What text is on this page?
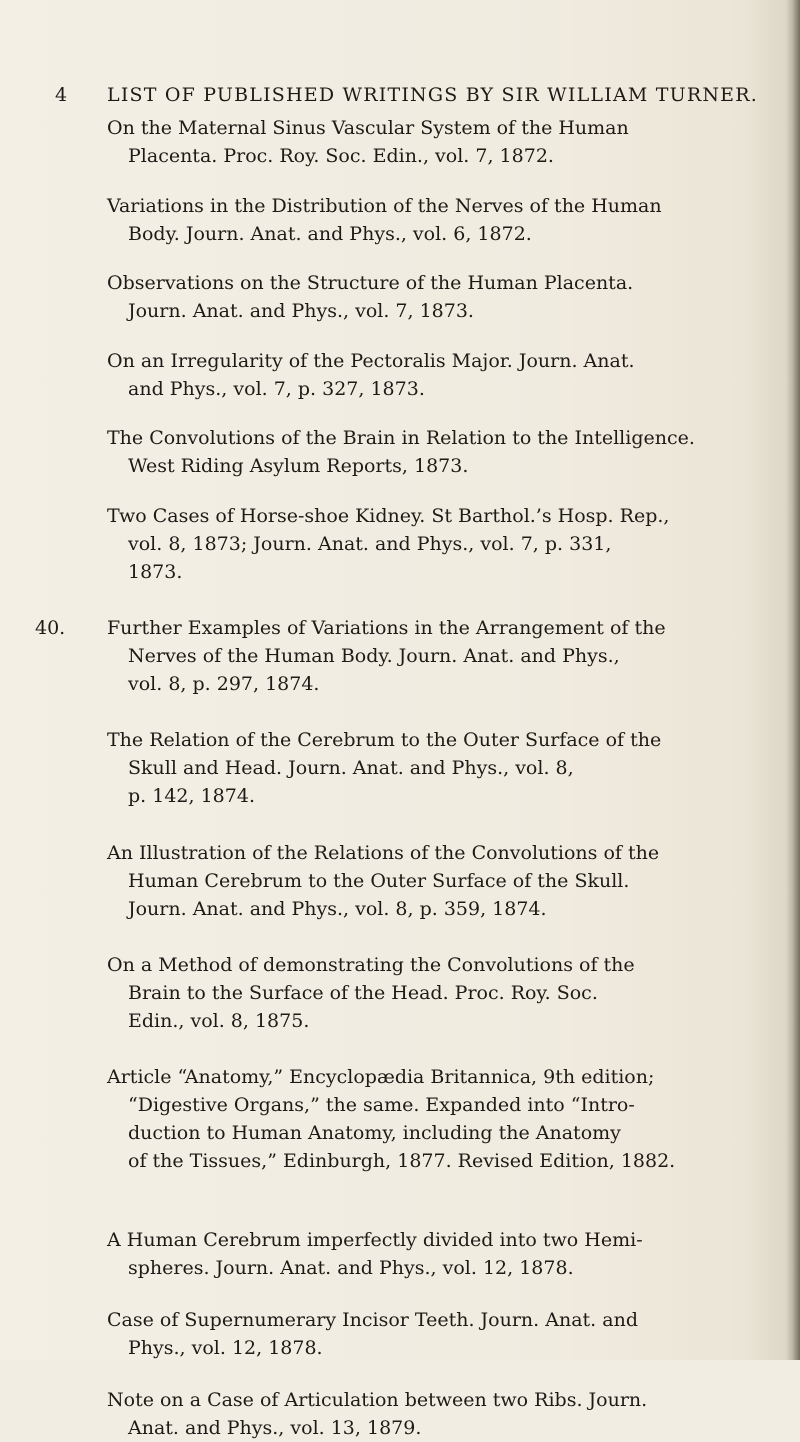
4 LIST OF PUBLISHED WRITINGS BY SIR WILLIAM TURNER.
On the Maternal Sinus Vascular System of the Human
Placenta. Proc. Roy. Soc. Edin., vol. 7, 1872.
Variations in the Distribution of the Nerves of the Human
Body. Journ. Anat. and Phys., vol. 6, 1872.
Observations on the Structure of the Human Placenta.
Journ. Anat. and Phys., vol. 7, 1873.
On an Irregularity of the Pectoralis Major. Journ. Anat.
and Phys., vol. 7, p. 327, 1873.
The Convolutions of the Brain in Relation to the Intelligence.
West Riding Asylum Reports, 1873.
Two Cases of Horse-shoe Kidney. St Barthol.’s Hosp. Rep.,
vol. 8, 1873; Journ. Anat. and Phys., vol. 7, p. 331,
1873.
40. Further Examples of Variations in the Arrangement of the
Nerves of the Human Body. Journ. Anat. and Phys.,
vol. 8, p. 297, 1874.
The Relation of the Cerebrum to the Outer Surface of the
Skull and Head. Journ. Anat. and Phys., vol. 8,
p. 142, 1874.
An Illustration of the Relations of the Convolutions of the
Human Cerebrum to the Outer Surface of the Skull.
Journ. Anat. and Phys., vol. 8, p. 359, 1874.
On a Method of demonstrating the Convolutions of the
Brain to the Surface of the Head. Proc. Roy. Soc.
Edin., vol. 8, 1875.
Article “Anatomy,” Encyclopædia Britannica, 9th edition;
“Digestive Organs,” the same. Expanded into “Intro-
duction to Human Anatomy, including the Anatomy
of the Tissues,” Edinburgh, 1877. Revised Edition, 1882.
A Human Cerebrum imperfectly divided into two Hemi-
spheres. Journ. Anat. and Phys., vol. 12, 1878.
Case of Supernumerary Incisor Teeth. Journ. Anat. and
Phys., vol. 12, 1878.
Note on a Case of Articulation between two Ribs. Journ.
Anat. and Phys., vol. 13, 1879.
